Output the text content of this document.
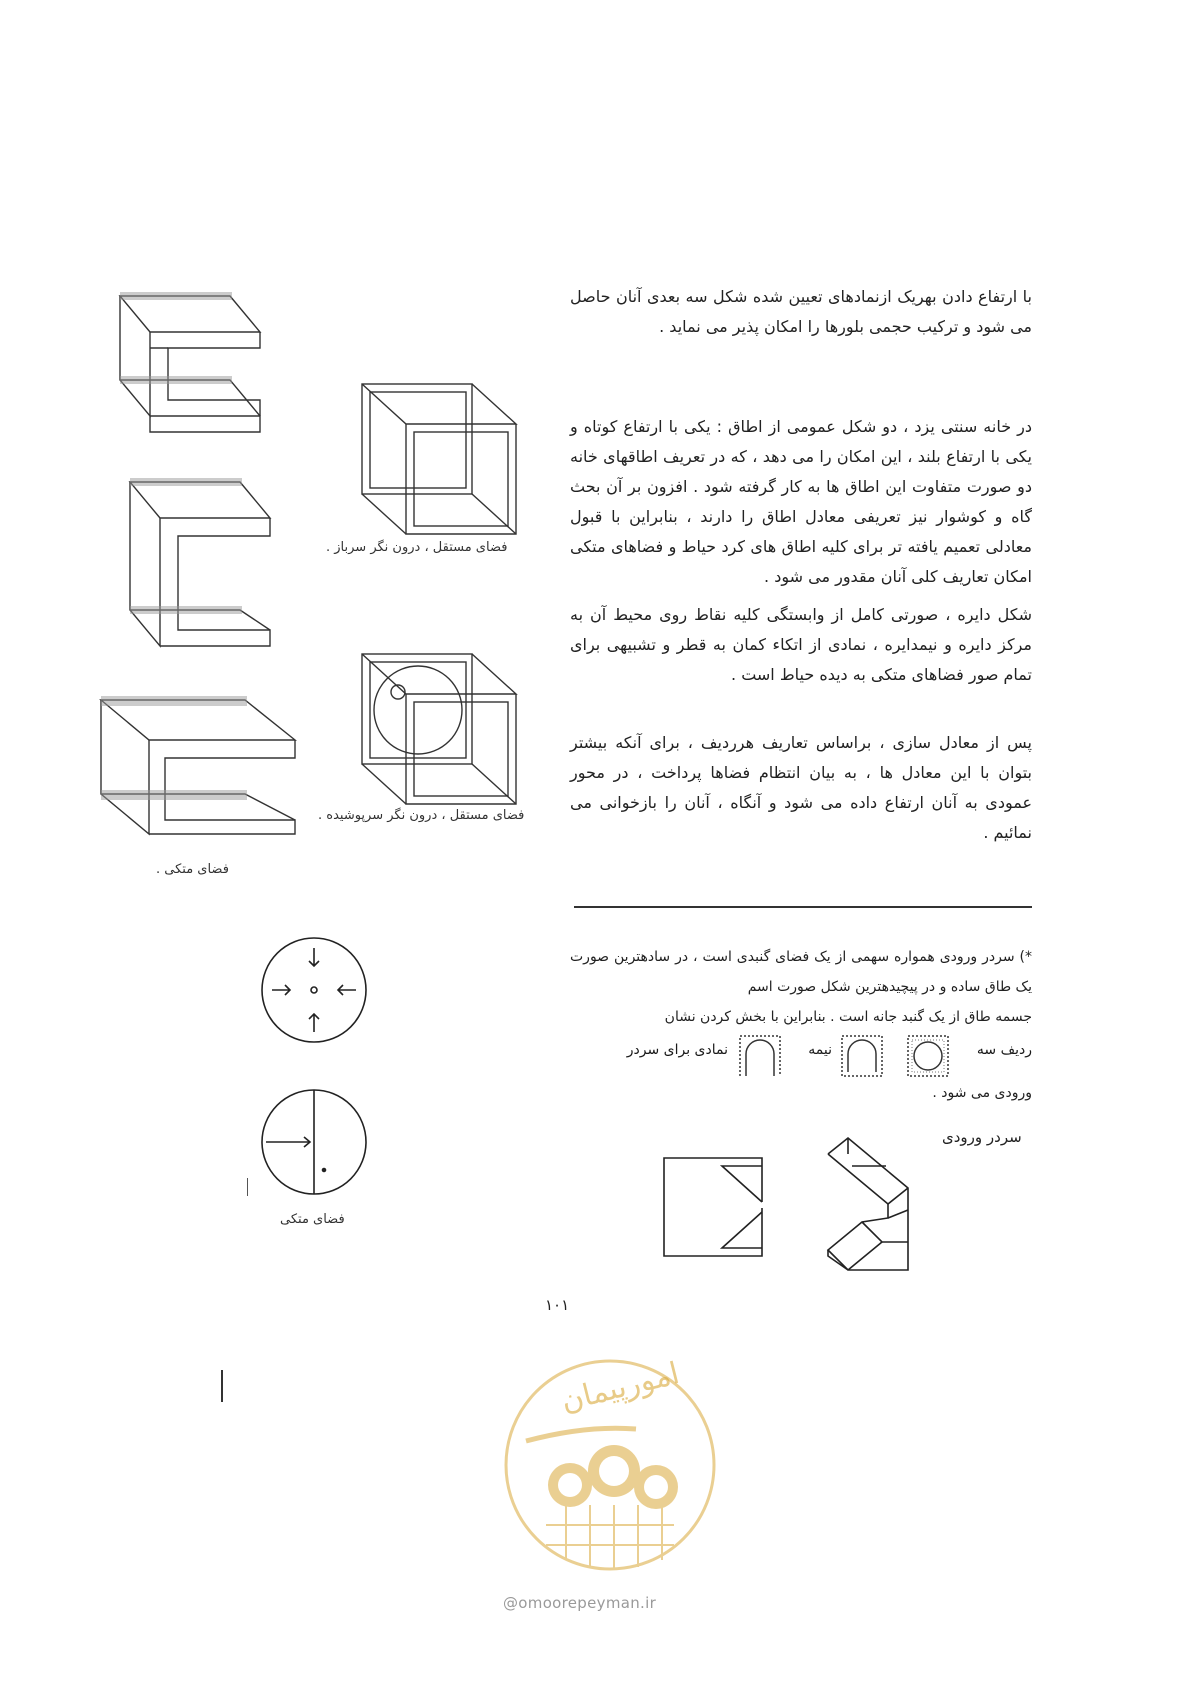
با ارتفاع دادن بهریک ازنمادهای تعیین شده شکل سه بعدی آنان حاصل می شود و ترکیب حجمی بلورها را امکان پذیر می نماید .

در خانه سنتی یزد ، دو شکل عمومی از اطاق : یکی با ارتفاع کوتاه و یکی با ارتفاع بلند ، این امکان را می دهد ، که در تعریف اطاقهای خانه دو صورت متفاوت این اطاق ها به کار گرفته شود . افزون بر آن بحث گاه و کوشوار نیز تعریفی معادل اطاق را دارند ، بنابراین با قبول معادلی تعمیم یافته تر برای کلیه اطاق های کرد حیاط و فضاهای متکی امکان تعاریف کلی آنان مقدور می شود .

شکل دایره ، صورتی کامل از وابستگی کلیه نقاط روی محیط آن به مرکز دایره و نیمدایره ، نمادی از اتکاء کمان به قطر و تشبیهی برای تمام صور فضاهای متکی به دیده حیاط است .

پس از معادل سازی ، براساس تعاریف هرردیف ، برای آنکه بیشتر بتوان با این معادل ها ، به بیان انتظام فضاها پرداخت ، در محور عمودی به آنان ارتفاع داده می شود و آنگاه ، آنان را بازخوانی می نمائیم .

*) سردر ورودی همواره سهمی از یک فضای گنبدی است ، در سادهترین صورت یک طاق ساده و در پیچیدهترین شکل صورت اسم

جسمه طاق از یک گنبد جانه است . بنابراین با بخش کردن نشان

ردیف سه
نیمه
نمادی برای سردر

ورودی می شود .

سردر ورودی
فضای متکی .
فضای مستقل ، درون نگر سرباز .
فضای مستقل ، درون نگر سرپوشیده .
فضای متکی
۱۰۱
امورپیمان
@omoorepeyman.ir
